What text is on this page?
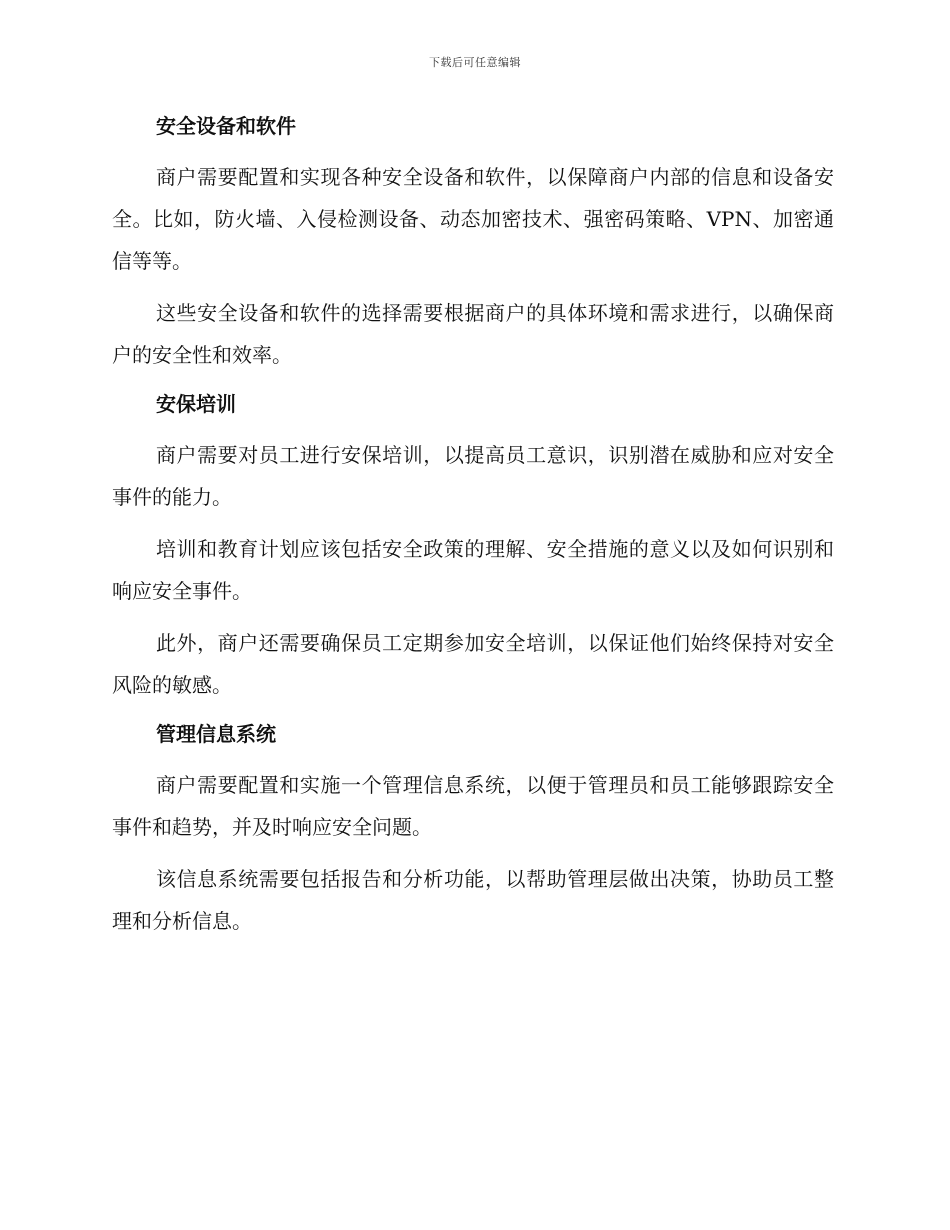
下载后可任意编辑
安全设备和软件

商户需要配置和实现各种安全设备和软件，以保障商户内部的信息和设备安全。比如，防火墙、入侵检测设备、动态加密技术、强密码策略、VPN、加密通信等等。

这些安全设备和软件的选择需要根据商户的具体环境和需求进行，以确保商户的安全性和效率。

安保培训

商户需要对员工进行安保培训，以提高员工意识，识别潜在威胁和应对安全事件的能力。

培训和教育计划应该包括安全政策的理解、安全措施的意义以及如何识别和响应安全事件。

此外，商户还需要确保员工定期参加安全培训，以保证他们始终保持对安全风险的敏感。

管理信息系统

商户需要配置和实施一个管理信息系统，以便于管理员和员工能够跟踪安全事件和趋势，并及时响应安全问题。

该信息系统需要包括报告和分析功能，以帮助管理层做出决策，协助员工整理和分析信息。
